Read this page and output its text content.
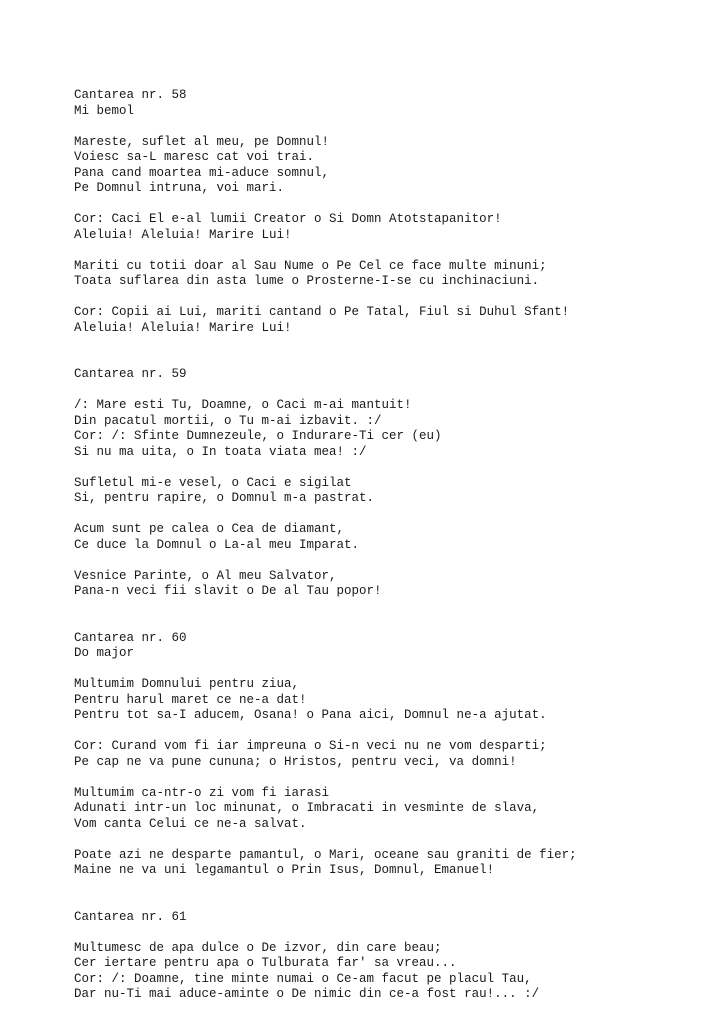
Cantarea nr. 58
Mi bemol
Mareste, suflet al meu, pe Domnul!
Voiesc sa-L maresc cat voi trai.
Pana cand moartea mi-aduce somnul,
Pe Domnul intruna, voi mari.
Cor: Caci El e-al lumii Creator o Si Domn Atotstapanitor!
Aleluia! Aleluia! Marire Lui!
Mariti cu totii doar al Sau Nume o Pe Cel ce face multe minuni;
Toata suflarea din asta lume o Prosterne-I-se cu inchinaciuni.
Cor: Copii ai Lui, mariti cantand o Pe Tatal, Fiul si Duhul Sfant!
Aleluia! Aleluia! Marire Lui!
Cantarea nr. 59
/: Mare esti Tu, Doamne, o Caci m-ai mantuit!
Din pacatul mortii, o Tu m-ai izbavit. :/
Cor: /: Sfinte Dumnezeule, o Indurare-Ti cer (eu)
Si nu ma uita, o In toata viata mea! :/
Sufletul mi-e vesel, o Caci e sigilat
Si, pentru rapire, o Domnul m-a pastrat.
Acum sunt pe calea o Cea de diamant,
Ce duce la Domnul o La-al meu Imparat.
Vesnice Parinte, o Al meu Salvator,
Pana-n veci fii slavit o De al Tau popor!
Cantarea nr. 60
Do major
Multumim Domnului pentru ziua,
Pentru harul maret ce ne-a dat!
Pentru tot sa-I aducem, Osana! o Pana aici, Domnul ne-a ajutat.
Cor: Curand vom fi iar impreuna o Si-n veci nu ne vom desparti;
Pe cap ne va pune cununa; o Hristos, pentru veci, va domni!
Multumim ca-ntr-o zi vom fi iarasi
Adunati intr-un loc minunat, o Imbracati in vesminte de slava,
Vom canta Celui ce ne-a salvat.
Poate azi ne desparte pamantul, o Mari, oceane sau graniti de fier;
Maine ne va uni legamantul o Prin Isus, Domnul, Emanuel!
Cantarea nr. 61
Multumesc de apa dulce o De izvor, din care beau;
Cer iertare pentru apa o Tulburata far' sa vreau...
Cor: /: Doamne, tine minte numai o Ce-am facut pe placul Tau,
Dar nu-Ti mai aduce-aminte o De nimic din ce-a fost rau!... :/
